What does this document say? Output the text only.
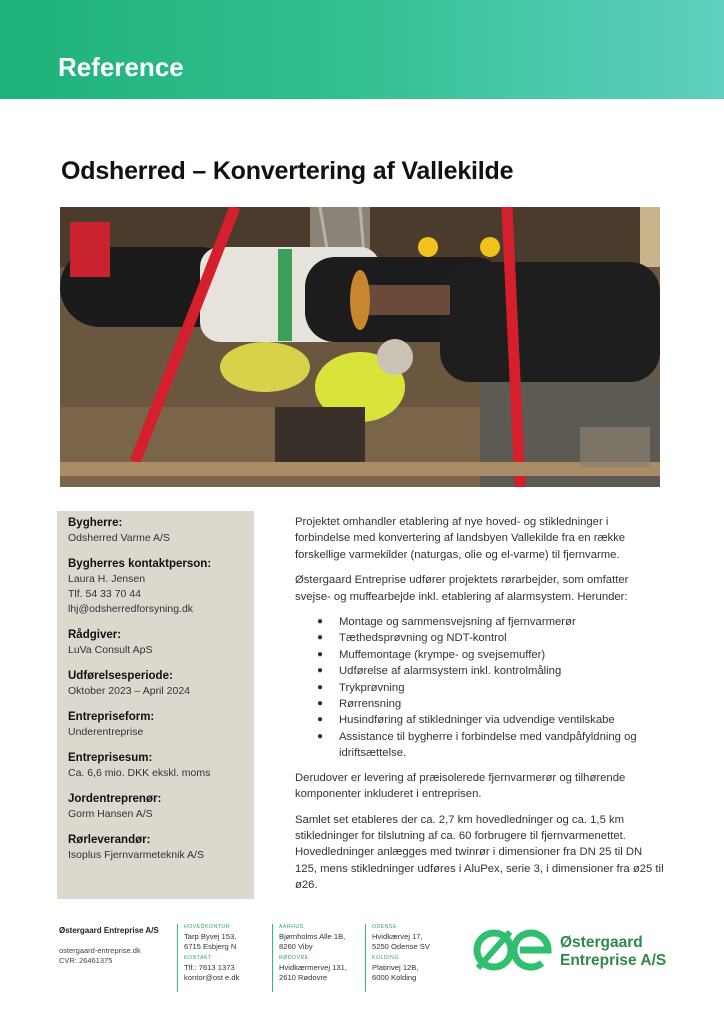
Reference
Odsherred – Konvertering af Vallekilde
Bygherre:
Odsherred Varme A/S
Bygherres kontaktperson:
Laura H. Jensen
Tlf. 54 33 70 44
lhj@odsherredforsyning.dk
Rådgiver:
LuVa Consult ApS
Udførelsesperiode:
Oktober 2023 – April 2024
Entrepriseform:
Underentreprise
Entreprisesum:
Ca. 6,6 mio. DKK ekskl. moms
Jordentreprenør:
Gorm Hansen A/S
Rørleverandør:
Isoplus Fjernvarmeteknik A/S

Projektet omhandler etablering af nye hoved- og stikledninger i forbindelse med konvertering af landsbyen Vallekilde fra en række forskellige varmekilder (naturgas, olie og el-varme) til fjernvarme.

Østergaard Entreprise udfører projektets rørarbejder, som omfatter svejse- og muffearbejde inkl. etablering af alarmsystem. Herunder:

● Montage og sammensvejsning af fjernvarmerør
● Tæthedsprøvning og NDT-kontrol
● Muffemontage (krympe- og svejsemuffer)
● Udførelse af alarmsystem inkl. kontrolmåling
● Trykprøvning
● Rørrensning
● Husindføring af stikledninger via udvendige ventilskabe
● Assistance til bygherre i forbindelse med vandpåfyldning og idriftsættelse.

Derudover er levering af præisolerede fjernvarmerør og tilhørende komponenter inkluderet i entreprisen.

Samlet set etableres der ca. 2,7 km hovedledninger og ca. 1,5 km stikledninger for tilslutning af ca. 60 forbrugere til fjernvarmenettet. Hovedledninger anlægges med twinrør i dimensioner fra DN 25 til DN 125, mens stikledninger udføres i AluPex, serie 3, i dimensioner fra ø25 til ø26.

Østergaard Entreprise A/S
ostergaard-entreprise.dk
CVR: 26461375
HOVEDKONTOR
Tarp Byvej 153,
6715 Esbjerg N
KONTAKT
Tlf.: 7613 1373
kontor@ost e.dk
AARHUS
Bjørnholms Alle 1B,
8260 Viby
RØDOVRE
Hvidkærmervej 131,
2610 Rødovre
ODENSE
Hvidkærvej 17,
5250 Odense SV
KOLDING
Platinvej 12B,
6000 Kolding
Østergaard
Entreprise A/S
